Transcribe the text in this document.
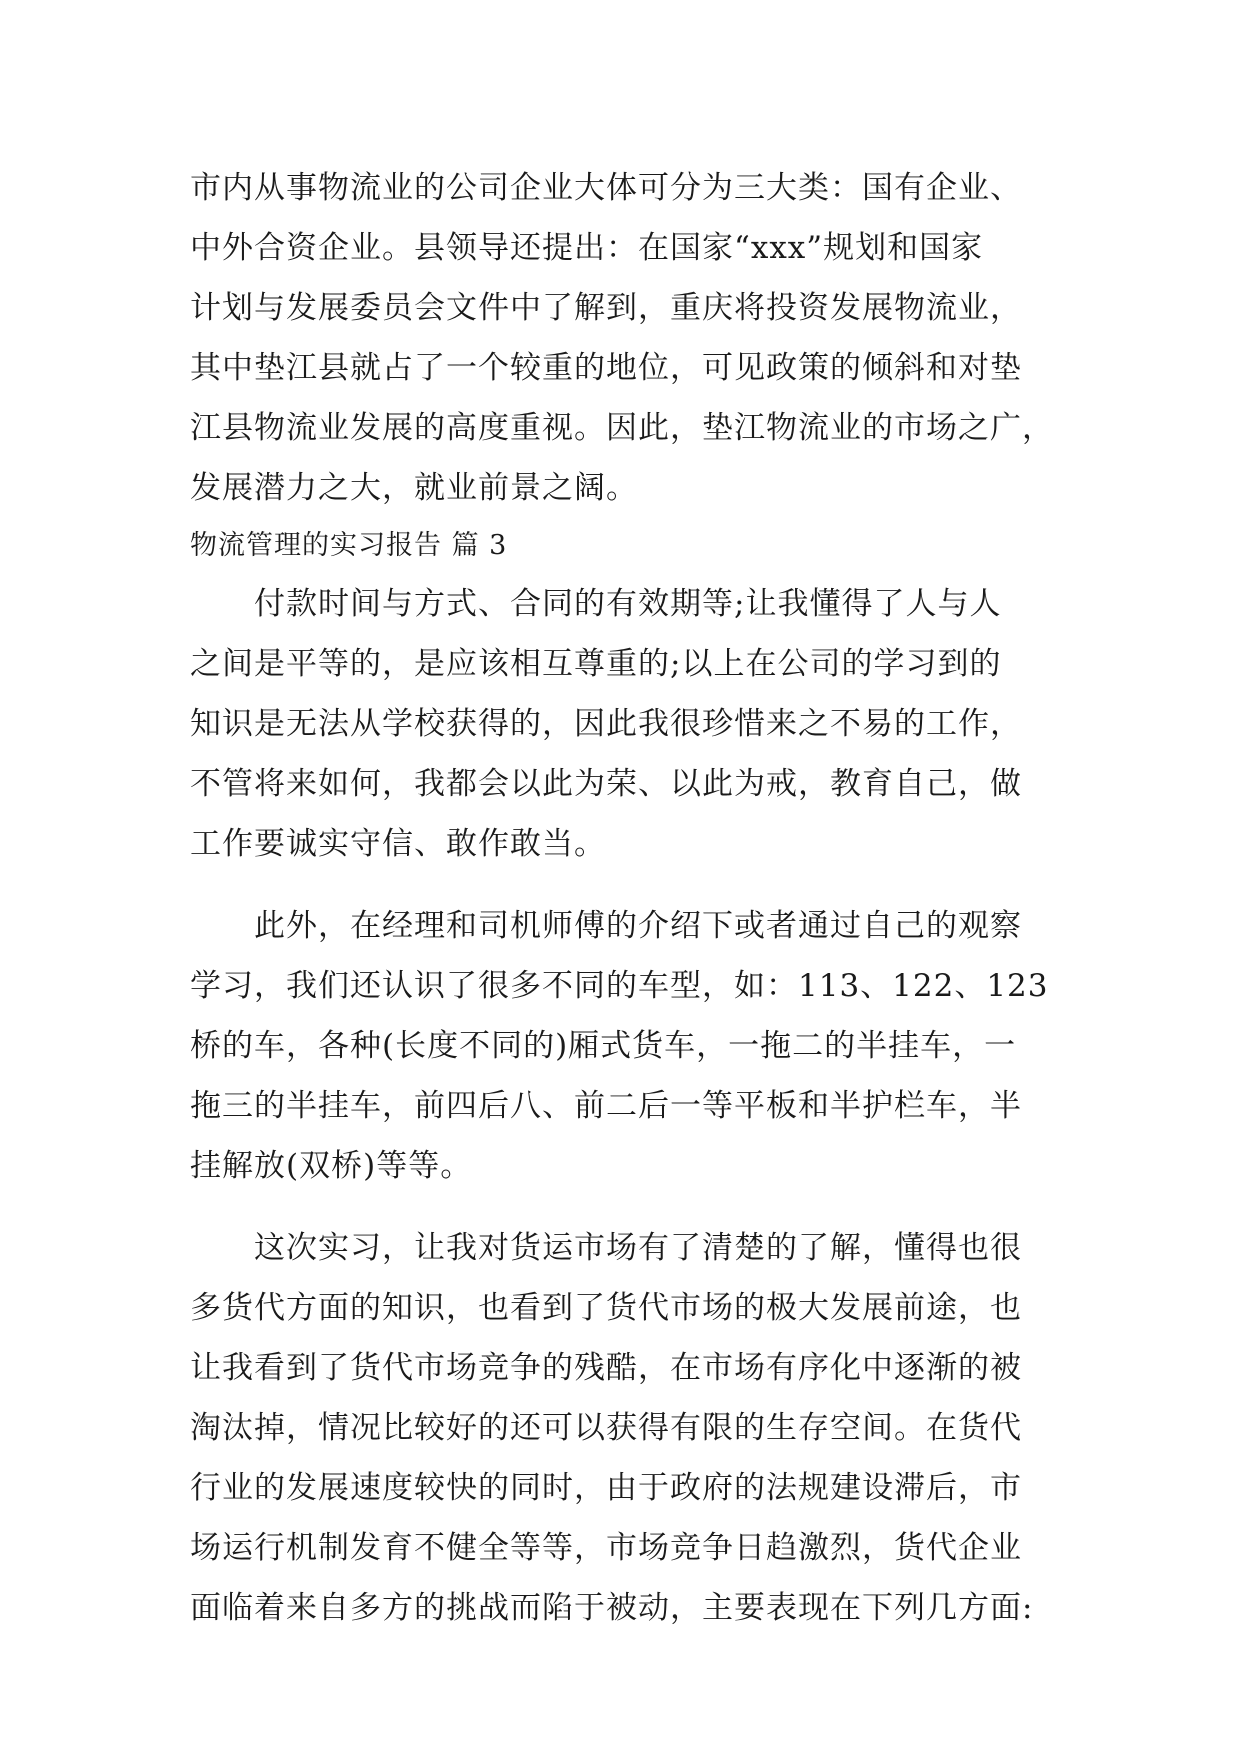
市内从事物流业的公司企业大体可分为三大类：国有企业、
中外合资企业。县领导还提出：在国家“xxx”规划和国家
计划与发展委员会文件中了解到，重庆将投资发展物流业，
其中垫江县就占了一个较重的地位，可见政策的倾斜和对垫
江县物流业发展的高度重视。因此，垫江物流业的市场之广，
发展潜力之大，就业前景之阔。
物流管理的实习报告 篇 3
付款时间与方式、合同的有效期等;让我懂得了人与人
之间是平等的，是应该相互尊重的;以上在公司的学习到的
知识是无法从学校获得的，因此我很珍惜来之不易的工作，
不管将来如何，我都会以此为荣、以此为戒，教育自己，做
工作要诚实守信、敢作敢当。
此外，在经理和司机师傅的介绍下或者通过自己的观察
学习，我们还认识了很多不同的车型，如：113、122、123
桥的车，各种(长度不同的)厢式货车，一拖二的半挂车，一
拖三的半挂车，前四后八、前二后一等平板和半护栏车，半
挂解放(双桥)等等。
这次实习，让我对货运市场有了清楚的了解，懂得也很
多货代方面的知识，也看到了货代市场的极大发展前途，也
让我看到了货代市场竞争的残酷，在市场有序化中逐渐的被
淘汰掉，情况比较好的还可以获得有限的生存空间。在货代
行业的发展速度较快的同时，由于政府的法规建设滞后，市
场运行机制发育不健全等等，市场竞争日趋激烈，货代企业
面临着来自多方的挑战而陷于被动，主要表现在下列几方面:
